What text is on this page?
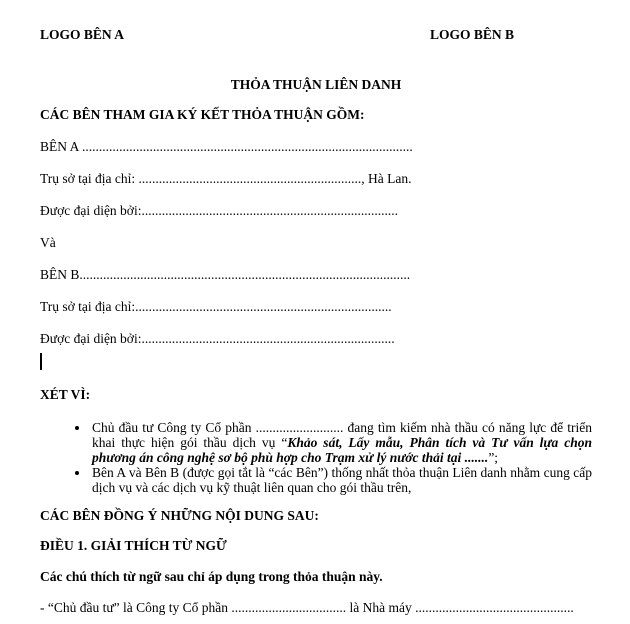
LOGO BÊN A	LOGO BÊN B

THỎA THUẬN LIÊN DANH

CÁC BÊN THAM GIA KÝ KẾT THỎA THUẬN GỒM:

BÊN A ..................................................................................................

Trụ sở tại địa chỉ: .................................................................., Hà Lan.

Được đại diện bởi:............................................................................

Và

BÊN B..................................................................................................

Trụ sở tại địa chỉ:............................................................................

Được đại diện bởi:...........................................................................

XÉT VÌ:

• Chủ đầu tư Công ty Cổ phần .......................... đang tìm kiếm nhà thầu có năng lực để triển khai thực hiện gói thầu dịch vụ “Khảo sát, Lấy mẫu, Phân tích và Tư vấn lựa chọn phương án công nghệ sơ bộ phù hợp cho Trạm xử lý nước thải tại .......”;
• Bên A và Bên B (được gọi tắt là “các Bên”) thống nhất thỏa thuận Liên danh nhằm cung cấp dịch vụ và các dịch vụ kỹ thuật liên quan cho gói thầu trên,

CÁC BÊN ĐỒNG Ý NHỮNG NỘI DUNG SAU:

ĐIỀU 1. GIẢI THÍCH TỪ NGỮ

Các chú thích từ ngữ sau chỉ áp dụng trong thỏa thuận này.

- “Chủ đầu tư” là Công ty Cổ phần .................................. là Nhà máy ...............................................
